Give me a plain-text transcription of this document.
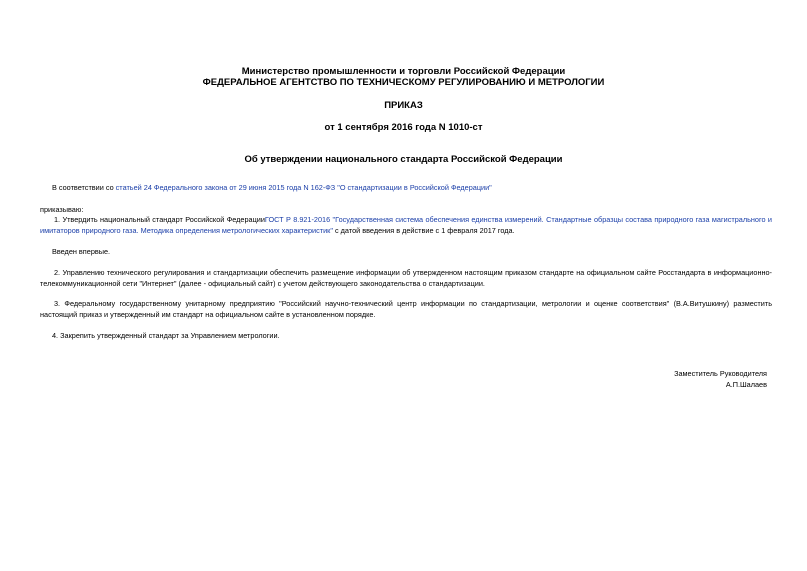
Министерство промышленности и торговли Российской Федерации
ФЕДЕРАЛЬНОЕ АГЕНТСТВО ПО ТЕХНИЧЕСКОМУ РЕГУЛИРОВАНИЮ И МЕТРОЛОГИИ
ПРИКАЗ
от 1 сентября 2016 года N 1010-ст
Об утверждении национального стандарта Российской Федерации
В соответствии со статьей 24 Федерального закона от 29 июня 2015 года N 162-ФЗ "О стандартизации в Российской Федерации"
приказываю:
1. Утвердить национальный стандарт Российской ФедерацииГОСТ Р 8.921-2016 "Государственная система обеспечения единства измерений. Стандартные образцы состава природного газа магистрального и имитаторов природного газа. Методика определения метрологических характеристик" с датой введения в действие с 1 февраля 2017 года.
Введен впервые.
2. Управлению технического регулирования и стандартизации обеспечить размещение информации об утвержденном настоящим приказом стандарте на официальном сайте Росстандарта в информационно-телекоммуникационной сети "Интернет" (далее - официальный сайт) с учетом действующего законодательства о стандартизации.
3. Федеральному государственному унитарному предприятию "Российский научно-технический центр информации по стандартизации, метрологии и оценке соответствия" (В.А.Витушкину) разместить настоящий приказ и утвержденный им стандарт на официальном сайте в установленном порядке.
4. Закрепить утвержденный стандарт за Управлением метрологии.
Заместитель Руководителя
А.П.Шалаев
